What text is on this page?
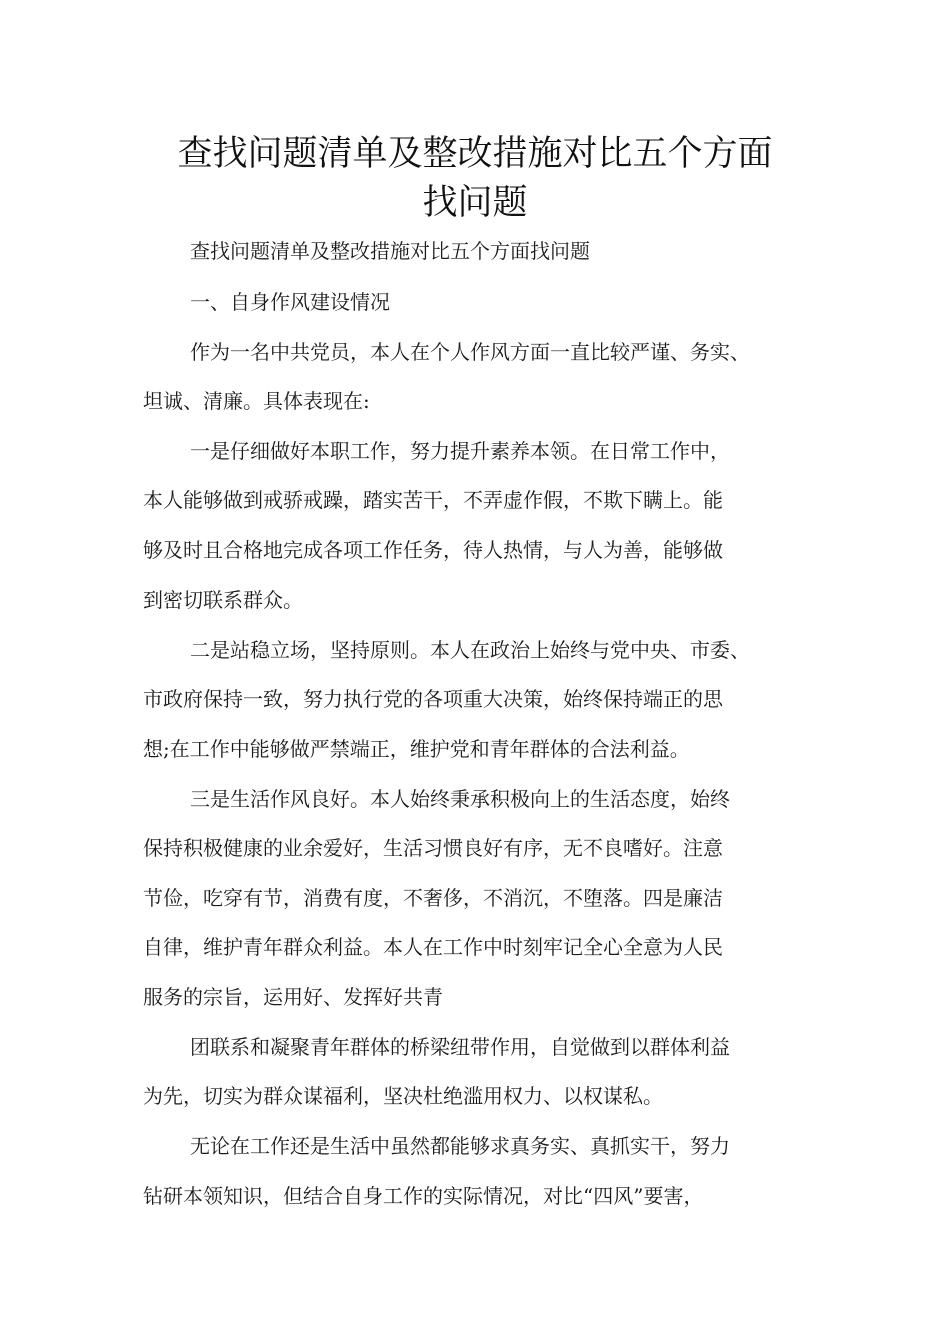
查找问题清单及整改措施对比五个方面
找问题
查找问题清单及整改措施对比五个方面找问题
一、自身作风建设情况
作为一名中共党员，本人在个人作风方面一直比较严谨、务实、
坦诚、清廉。具体表现在:
一是仔细做好本职工作，努力提升素养本领。在日常工作中，
本人能够做到戒骄戒躁，踏实苦干，不弄虚作假，不欺下瞒上。能
够及时且合格地完成各项工作任务，待人热情，与人为善，能够做
到密切联系群众。
二是站稳立场，坚持原则。本人在政治上始终与党中央、市委、
市政府保持一致，努力执行党的各项重大决策，始终保持端正的思
想;在工作中能够做严禁端正，维护党和青年群体的合法利益。
三是生活作风良好。本人始终秉承积极向上的生活态度，始终
保持积极健康的业余爱好，生活习惯良好有序，无不良嗜好。注意
节俭，吃穿有节，消费有度，不奢侈，不消沉，不堕落。四是廉洁
自律，维护青年群众利益。本人在工作中时刻牢记全心全意为人民
服务的宗旨，运用好、发挥好共青
团联系和凝聚青年群体的桥梁纽带作用，自觉做到以群体利益
为先，切实为群众谋福利，坚决杜绝滥用权力、以权谋私。
无论在工作还是生活中虽然都能够求真务实、真抓实干，努力
钻研本领知识，但结合自身工作的实际情况，对比“四风”要害，
